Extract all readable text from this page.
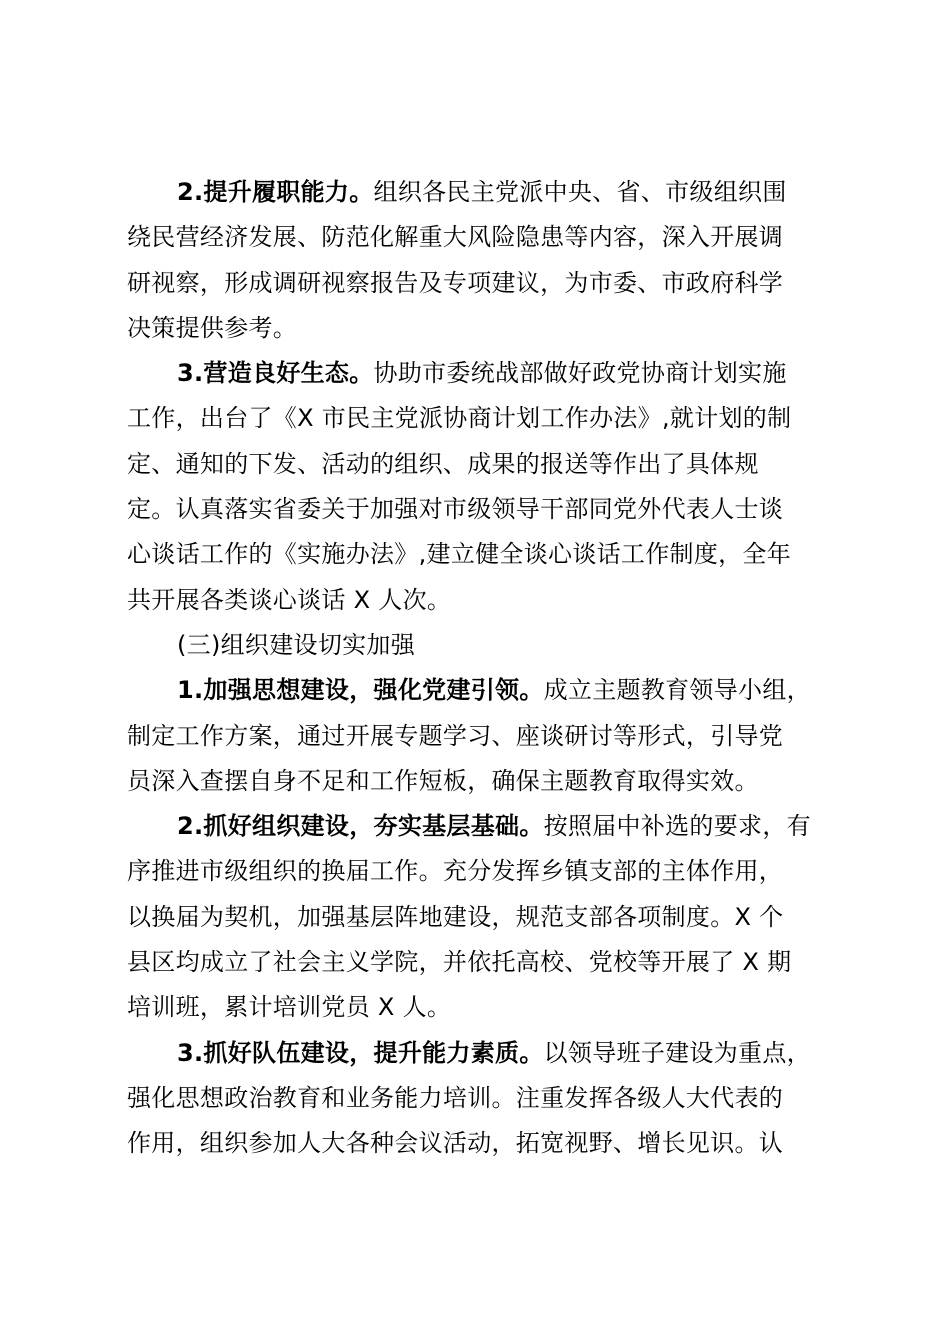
2.提升履职能力。组织各民主党派中央、省、市级组织围
绕民营经济发展、防范化解重大风险隐患等内容，深入开展调
研视察，形成调研视察报告及专项建议，为市委、市政府科学
决策提供参考。
3.营造良好生态。协助市委统战部做好政党协商计划实施
工作，出台了《X 市民主党派协商计划工作办法》,就计划的制
定、通知的下发、活动的组织、成果的报送等作出了具体规
定。认真落实省委关于加强对市级领导干部同党外代表人士谈
心谈话工作的《实施办法》,建立健全谈心谈话工作制度，全年
共开展各类谈心谈话 X 人次。
(三)组织建设切实加强
1.加强思想建设，强化党建引领。成立主题教育领导小组，
制定工作方案，通过开展专题学习、座谈研讨等形式，引导党
员深入查摆自身不足和工作短板，确保主题教育取得实效。
2.抓好组织建设，夯实基层基础。按照届中补选的要求，有
序推进市级组织的换届工作。充分发挥乡镇支部的主体作用，
以换届为契机，加强基层阵地建设，规范支部各项制度。X 个
县区均成立了社会主义学院，并依托高校、党校等开展了 X 期
培训班，累计培训党员 X 人。
3.抓好队伍建设，提升能力素质。以领导班子建设为重点，
强化思想政治教育和业务能力培训。注重发挥各级人大代表的
作用，组织参加人大各种会议活动，拓宽视野、增长见识。认
